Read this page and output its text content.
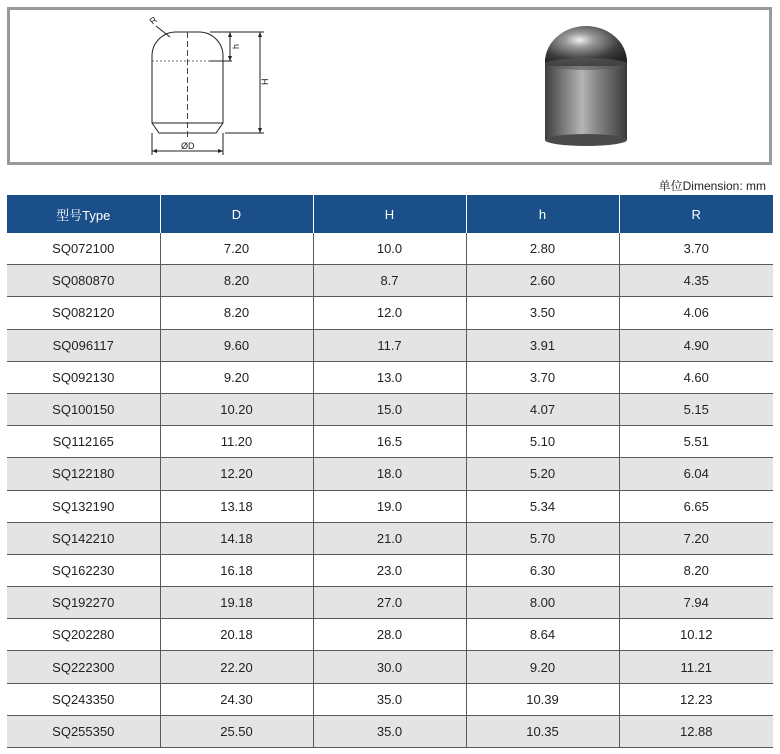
R
h
H
ØD
单位Dimension: mm
型号Type	D	H	h	R
SQ072100	7.20	10.0	2.80	3.70
SQ080870	8.20	8.7	2.60	4.35
SQ082120	8.20	12.0	3.50	4.06
SQ096117	9.60	11.7	3.91	4.90
SQ092130	9.20	13.0	3.70	4.60
SQ100150	10.20	15.0	4.07	5.15
SQ112165	11.20	16.5	5.10	5.51
SQ122180	12.20	18.0	5.20	6.04
SQ132190	13.18	19.0	5.34	6.65
SQ142210	14.18	21.0	5.70	7.20
SQ162230	16.18	23.0	6.30	8.20
SQ192270	19.18	27.0	8.00	7.94
SQ202280	20.18	28.0	8.64	10.12
SQ222300	22.20	30.0	9.20	11.21
SQ243350	24.30	35.0	10.39	12.23
SQ255350	25.50	35.0	10.35	12.88
